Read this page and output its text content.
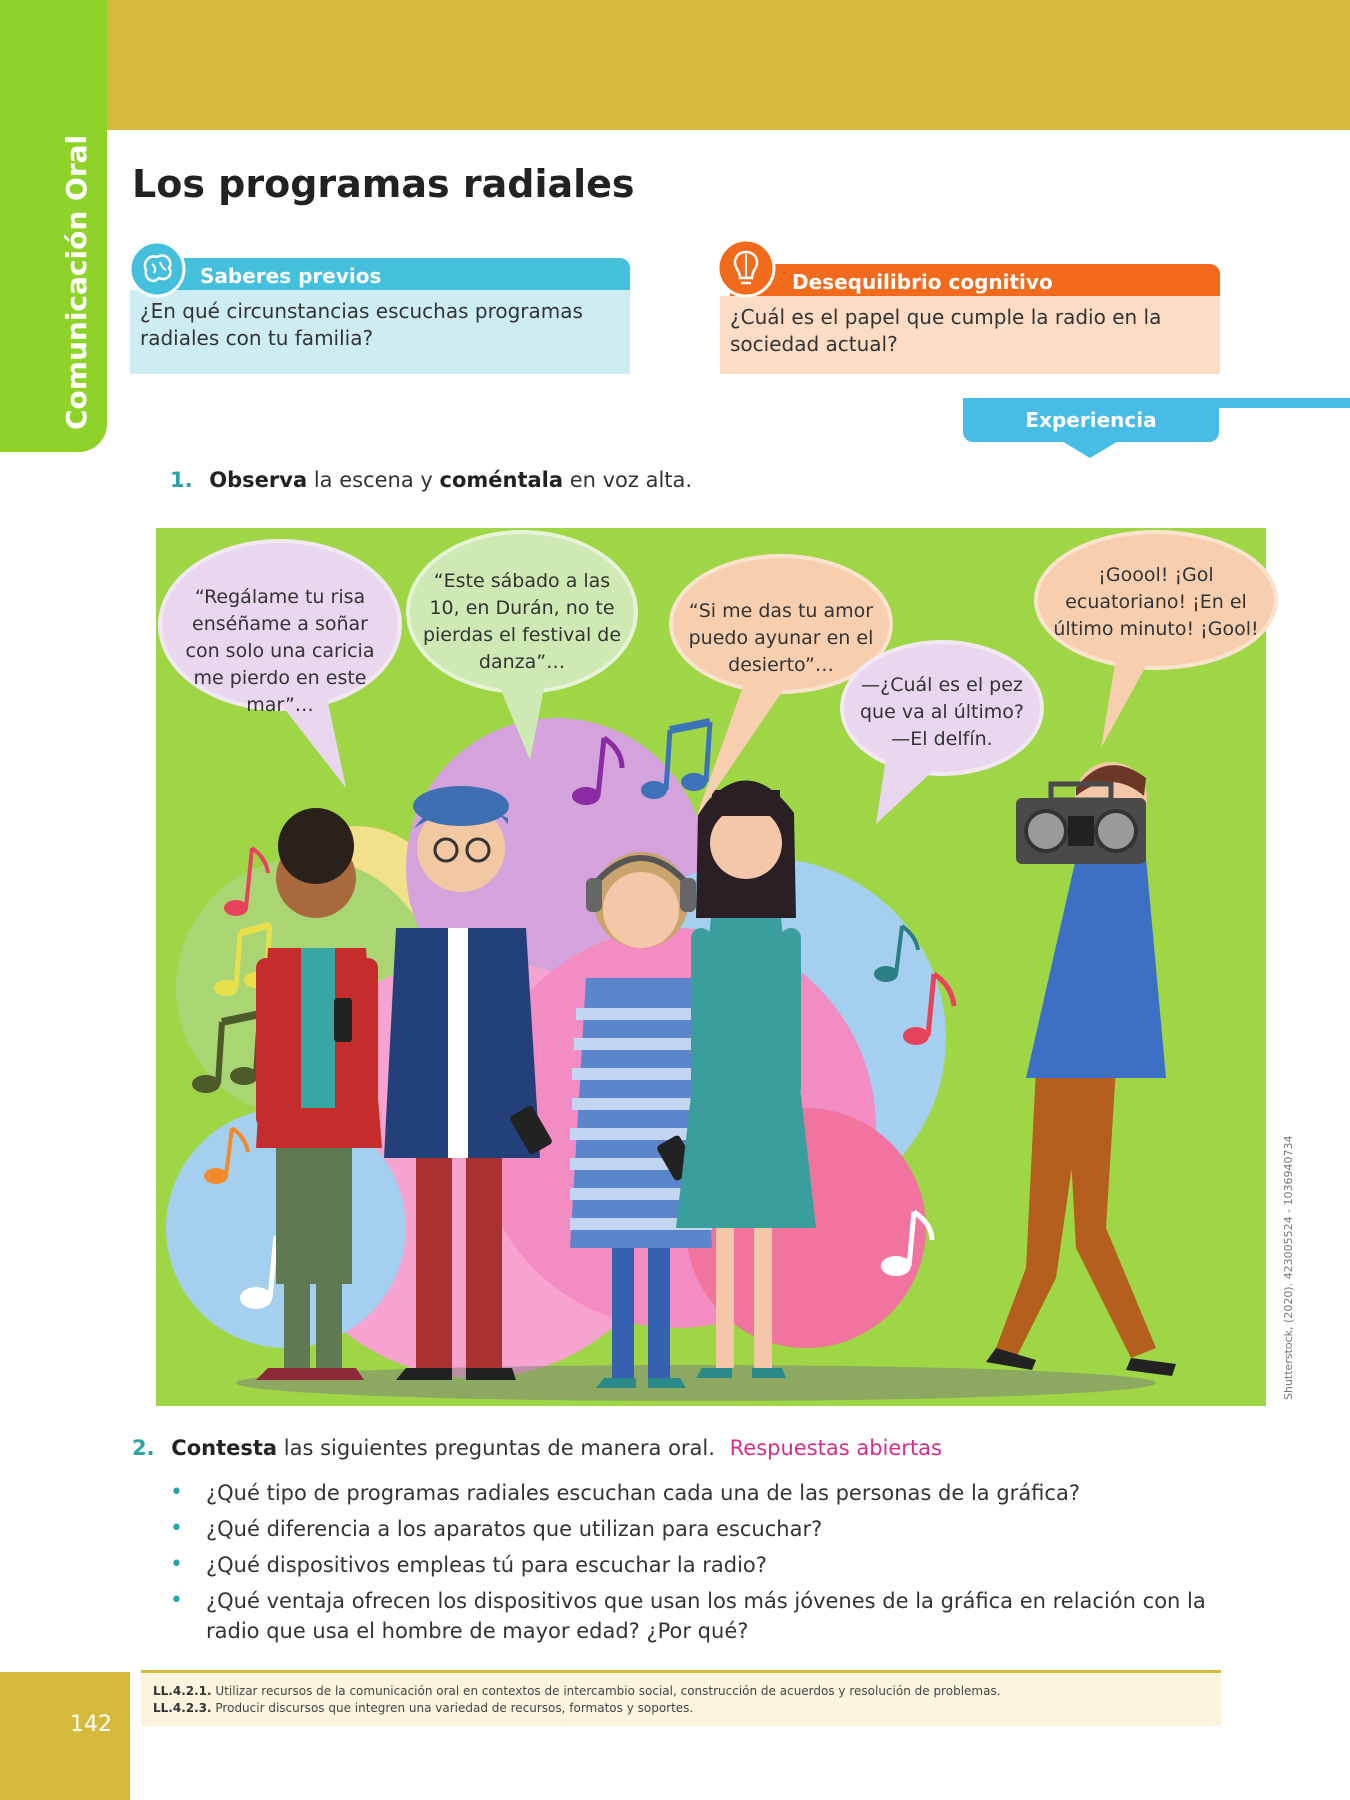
Comunicación Oral
142
Los programas radiales
Saberes previos
¿En qué circunstancias escuchas programas radiales con tu familia?
Desequilibrio cognitivo
¿Cuál es el papel que cumple la radio en la sociedad actual?
Experiencia
1. Observa la escena y coméntala en voz alta.
“Regálame tu risa enséñame a soñar con solo una caricia me pierdo en este mar”…
“Este sábado a las 10, en Durán, no te pierdas el festival de danza”…
“Si me das tu amor puedo ayunar en el desierto”…
—¿Cuál es el pez que va al último? —El delfín.
¡Goool! ¡Gol ecuatoriano! ¡En el último minuto! ¡Gool!
Shutterstock, (2020). 423005524 - 1036940734
2. Contesta las siguientes preguntas de manera oral. Respuestas abiertas
• ¿Qué tipo de programas radiales escuchan cada una de las personas de la gráfica?
• ¿Qué diferencia a los aparatos que utilizan para escuchar?
• ¿Qué dispositivos empleas tú para escuchar la radio?
• ¿Qué ventaja ofrecen los dispositivos que usan los más jóvenes de la gráfica en relación con la radio que usa el hombre de mayor edad? ¿Por qué?
LL.4.2.1. Utilizar recursos de la comunicación oral en contextos de intercambio social, construcción de acuerdos y resolución de problemas.
LL.4.2.3. Producir discursos que integren una variedad de recursos, formatos y soportes.
